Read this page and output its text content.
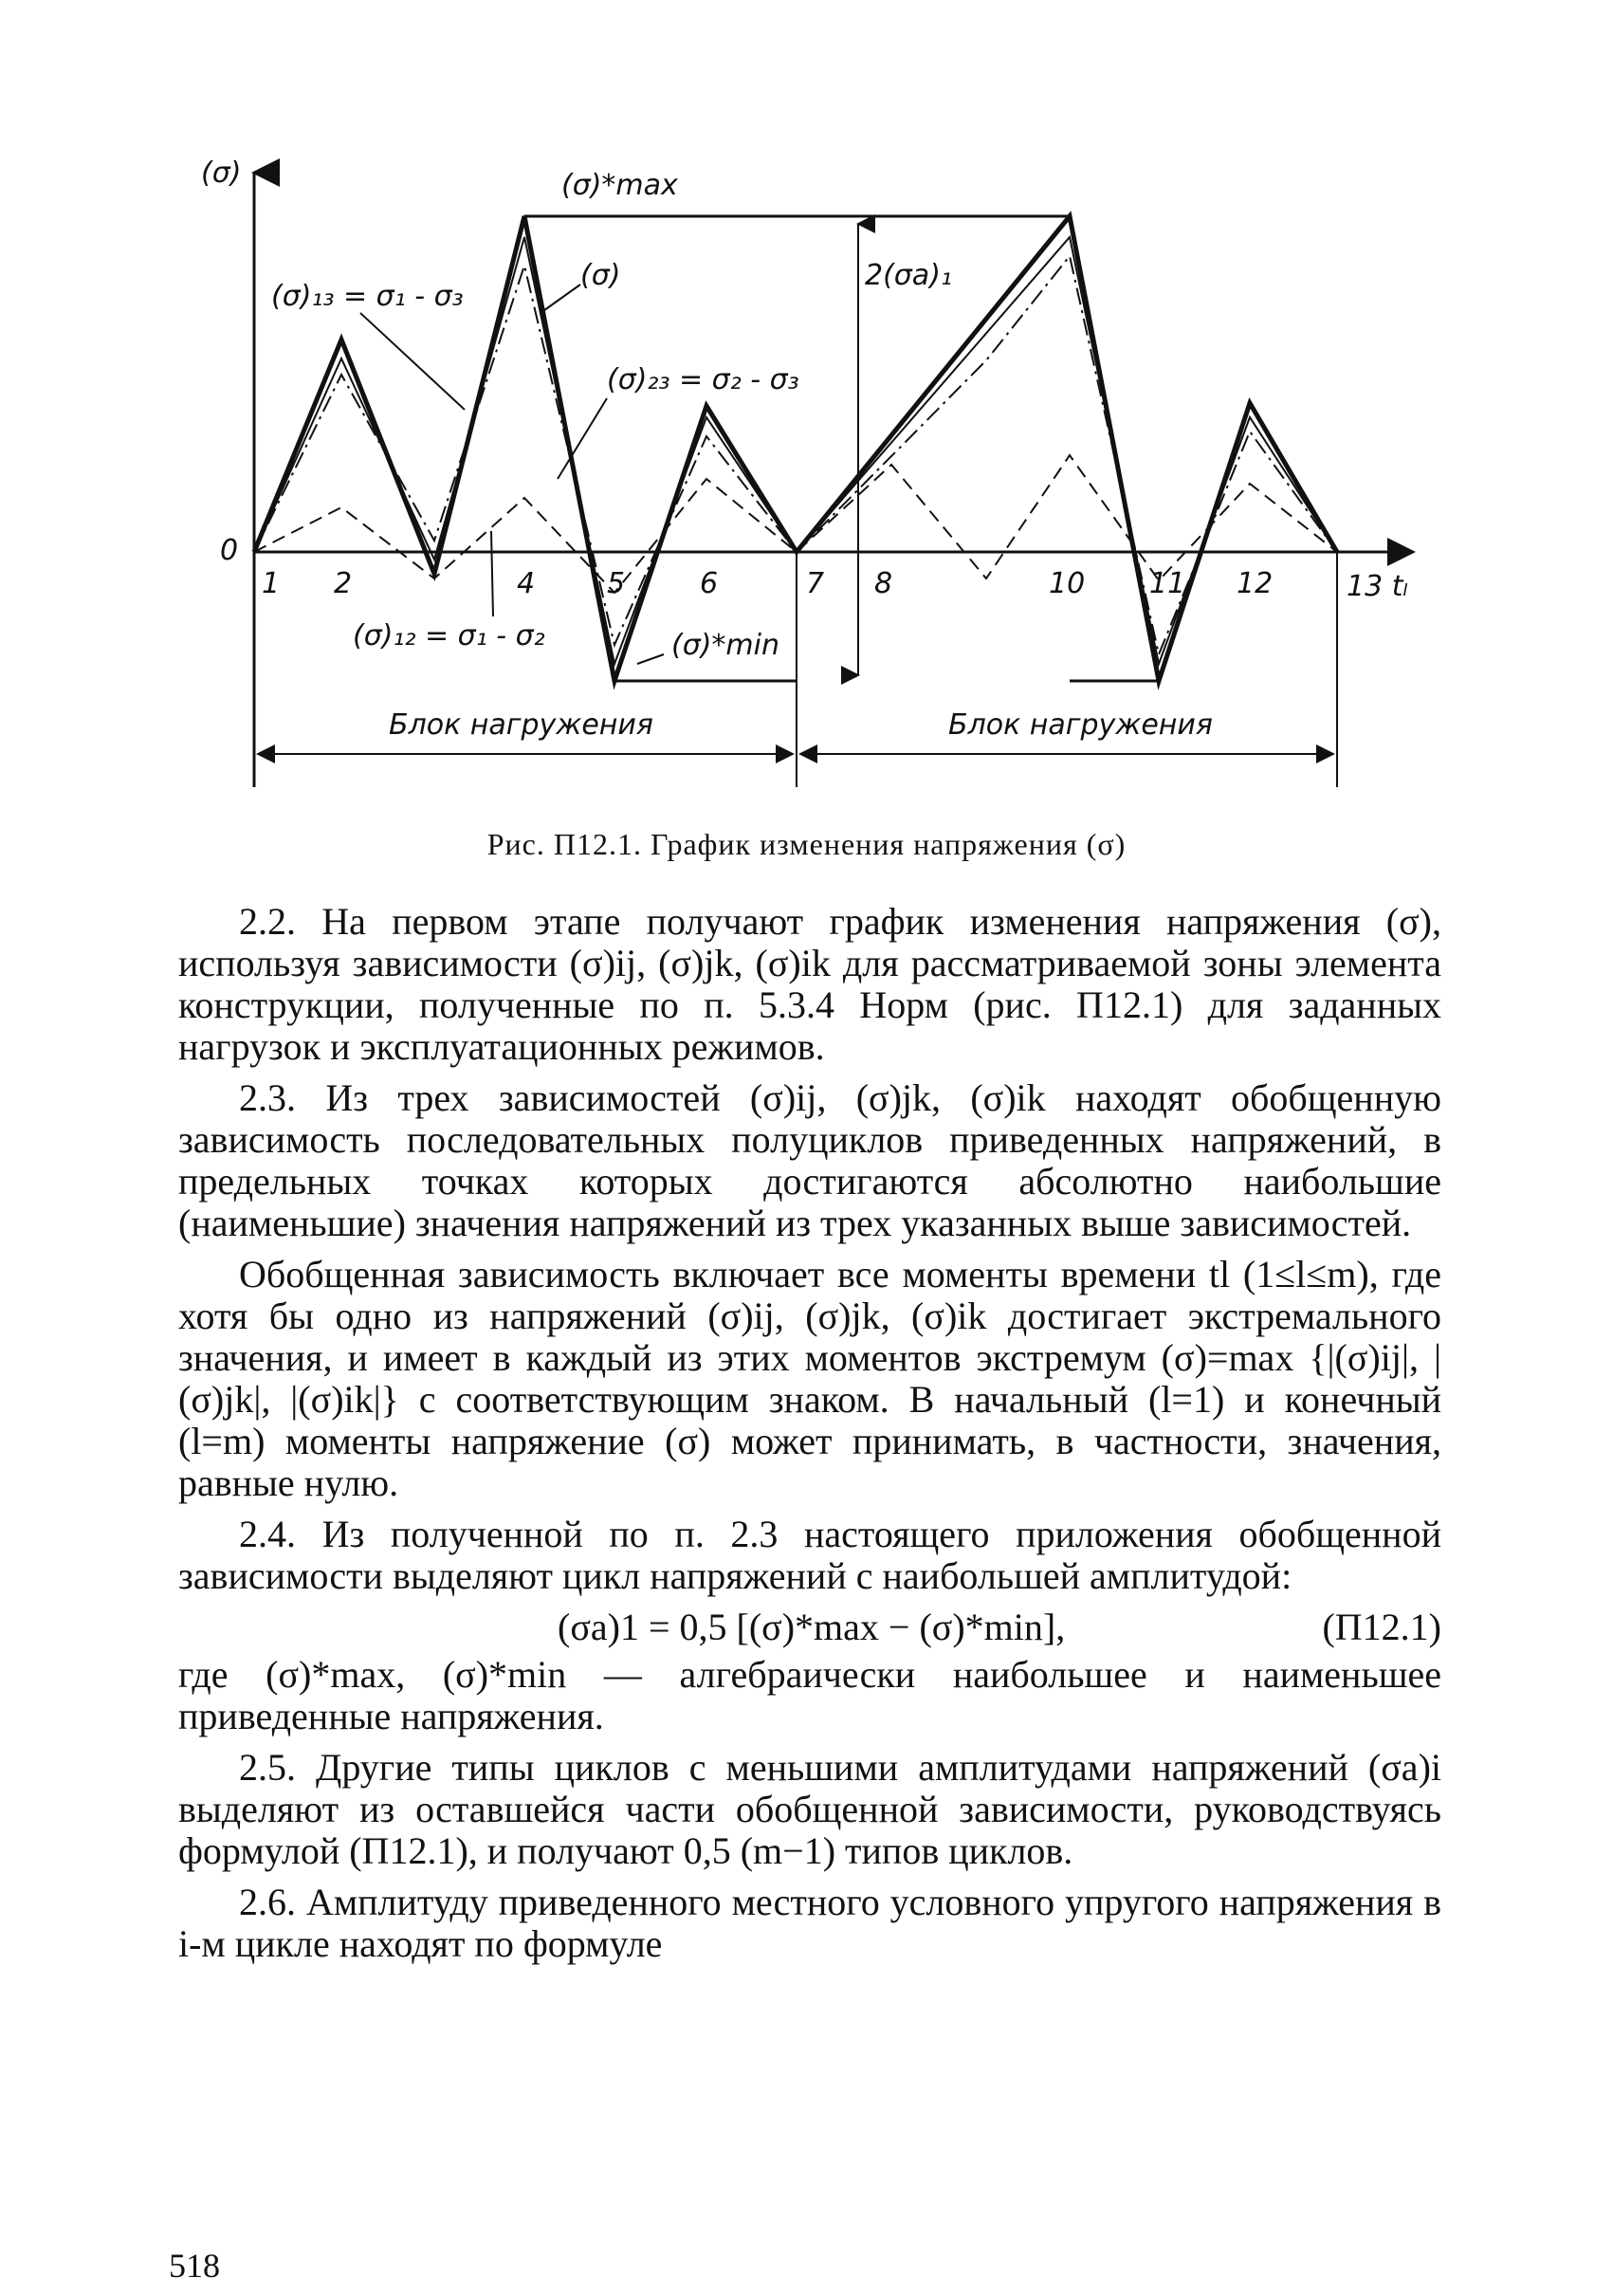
(σ)
0
13 tₗ
1 2	3 4	5	6	7 8	9 10 11 12
(σ)*max
(σ)₁₃ = σ₁ - σ₃
(σ)
(σ)₂₃ = σ₂ - σ₃
2(σa)₁
(σ)₁₂ = σ₁ - σ₂	(σ)*min
Блок нагружения	Блок нагружения
Рис. П12.1. График изменения напряжения (σ)

2.2. На первом этапе получают график изменения напряжения (σ), используя зависимости (σ)ij, (σ)jk, (σ)ik для рассматриваемой зоны элемента конструкции, полученные по п. 5.3.4 Норм (рис. П12.1) для заданных нагрузок и эксплуатационных режимов.

2.3. Из трех зависимостей (σ)ij, (σ)jk, (σ)ik находят обобщенную зависимость последовательных полуциклов приведенных напряжений, в предельных точках которых достигаются абсолютно наибольшие (наименьшие) значения напряжений из трех указанных выше зависимостей.

Обобщенная зависимость включает все моменты времени tl (1≤l≤m), где хотя бы одно из напряжений (σ)ij, (σ)jk, (σ)ik достигает экстремального значения, и имеет в каждый из этих моментов экстремум (σ)=max {|(σ)ij|, |(σ)jk|, |(σ)ik|} с соответствующим знаком. В начальный (l=1) и конечный (l=m) моменты напряжение (σ) может принимать, в частности, значения, равные нулю.

2.4. Из полученной по п. 2.3 настоящего приложения обобщенной зависимости выделяют цикл напряжений с наибольшей амплитудой:

(σa)1 = 0,5 [(σ)*max − (σ)*min],	(П12.1)

где (σ)*max, (σ)*min — алгебраически наибольшее и наименьшее приведенные напряжения.

2.5. Другие типы циклов с меньшими амплитудами напряжений (σa)i выделяют из оставшейся части обобщенной зависимости, руководствуясь формулой (П12.1), и получают 0,5 (m−1) типов циклов.

2.6. Амплитуду приведенного местного условного упругого напряжения в i-м цикле находят по формуле

518
